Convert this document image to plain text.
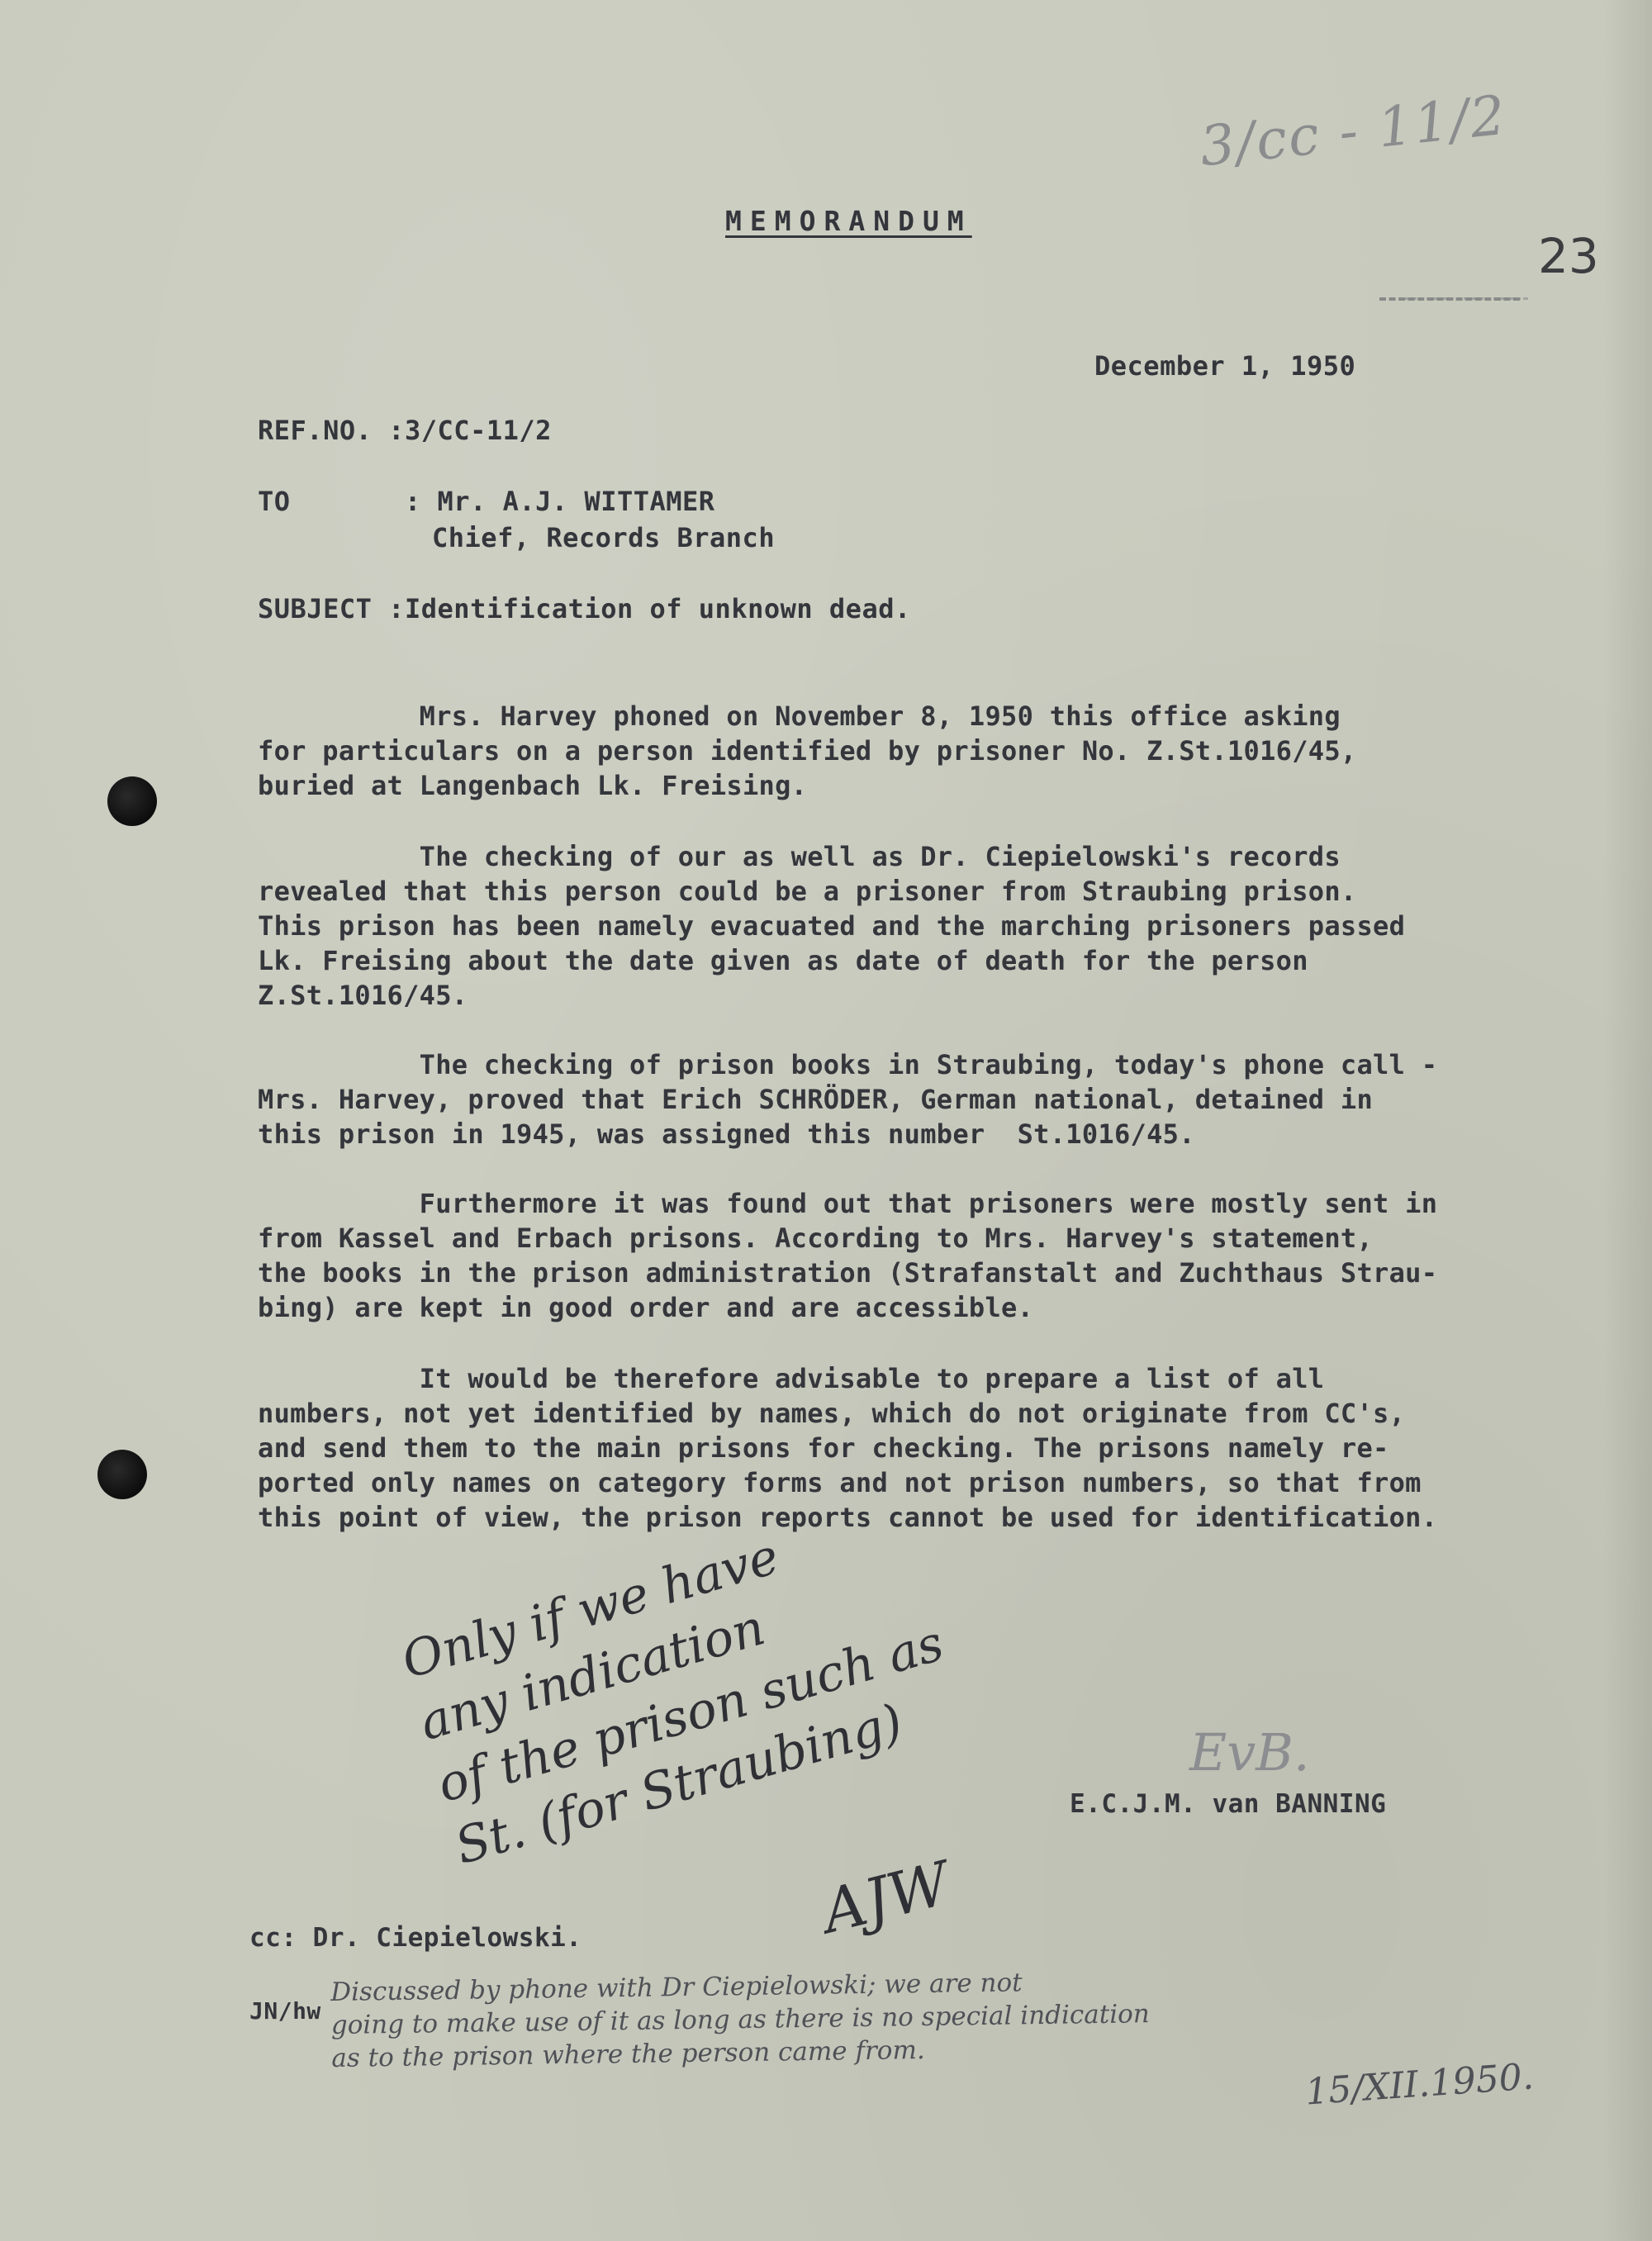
3/cc - 11/2
23
MEMORANDUM
December 1, 1950
REF.NO. : 3/CC-11/2
TO	: Mr. A.J. WITTAMER
Chief, Records Branch
SUBJECT : Identification of unknown dead.
Mrs. Harvey phoned on November 8, 1950 this office asking
for particulars on a person identified by prisoner No. Z.St.1016/45,
buried at Langenbach Lk. Freising.
The checking of our as well as Dr. Ciepielowski's records
revealed that this person could be a prisoner from Straubing prison.
This prison has been namely evacuated and the marching prisoners passed
Lk. Freising about the date given as date of death for the person
Z.St.1016/45.
The checking of prison books in Straubing, today's phone call -
Mrs. Harvey, proved that Erich SCHRÖDER, German national, detained in
this prison in 1945, was assigned this number  St.1016/45.
Furthermore it was found out that prisoners were mostly sent in
from Kassel and Erbach prisons. According to Mrs. Harvey's statement,
the books in the prison administration (Strafanstalt and Zuchthaus Strau-
bing) are kept in good order and are accessible.
It would be therefore advisable to prepare a list of all
numbers, not yet identified by names, which do not originate from CC's,
and send them to the main prisons for checking. The prisons namely re-
ported only names on category forms and not prison numbers, so that from
this point of view, the prison reports cannot be used for identification.
Only if we have
any indication
of the prison such as
St. (for Straubing)
AJW
EvB.
E.C.J.M. van BANNING
cc: Dr. Ciepielowski.
JN/hw
Discussed by phone with Dr Ciepielowski; we are not
going to make use of it as long as there is no special indication
as to the prison where the person came from.
15/XII.1950.
